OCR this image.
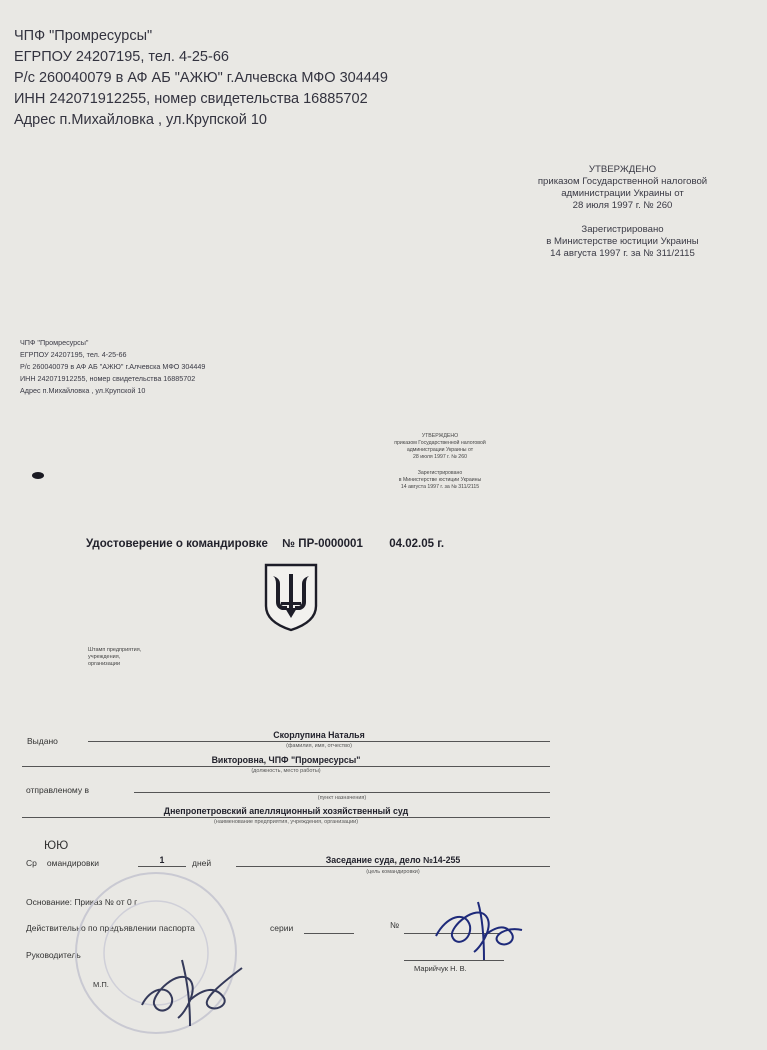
ЧПФ "Промресурсы"
ЕГРПОУ 24207195, тел. 4-25-66
Р/с 260040079 в АФ АБ "АЖЮ" г.Алчевска МФО 304449
ИНН 242071912255, номер свидетельства 16885702
Адрес п.Михайловка , ул.Крупской 10
УТВЕРЖДЕНО
приказом Государственной налоговой
администрации Украины от
28 июля 1997 г. № 260
Зарегистрировано
в Министерстве юстиции Украины
14 августа 1997 г. за № 311/2115
ЧПФ "Промресурсы"
ЕГРПОУ 24207195, тел. 4-25-66
Р/с 260040079 в АФ АБ "АЖЮ" г.Алчевска МФО 304449
ИНН 242071912255, номер свидетельства 16885702
Адрес п.Михайловка , ул.Крупской 10
УТВЕРЖДЕНО
приказом Государственной налоговой
администрации Украины от
28 июля 1997 г. № 260
Зарегистрировано
в Министерстве юстиции Украины
14 августа 1997 г. за № 311/2115
Удостоверение о командировке № ПР-0000001 04.02.05 г.
Штамп предприятия,
учреждения,
организации
Выдано
Скорлупина Наталья
(фамилия, имя, отчество)
Викторовна, ЧПФ "Промресурсы"
(должность, место работы)
отправленому в
(пункт назначения)
Днепропетровский апелляционный хозяйственный суд
(наименование предприятия, учреждения, организации)
ЮЮ
Ср омандировки	1	дней	Заседание суда, дело №14-255
(цель командировки)
Основание: Приказ № от 0 г.
Действительно по предъявлении паспорта	серии	№
Руководитель
Марийчук Н. В.
М.П.
